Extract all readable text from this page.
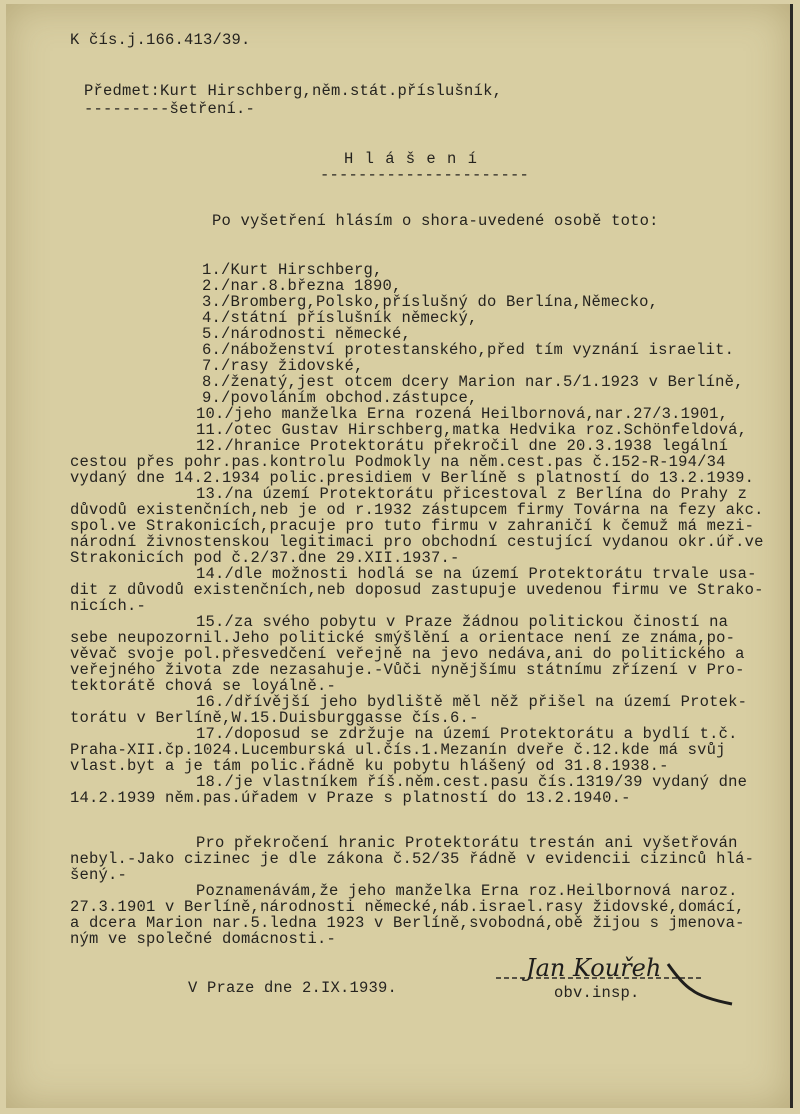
K čís.j.166.413/39.
Předmet:Kurt Hirschberg,něm.stát.příslušník,
---------šetření.-
H l á š e n í
----------------------
Po vyšetření hlásím o shora-uvedené osobě toto:
1./Kurt Hirschberg,
2./nar.8.března 1890,
3./Bromberg,Polsko,příslušný do Berlína,Německo,
4./státní příslušník německý,
5./národnosti německé,
6./náboženství protestanského,před tím vyznání israelit.
7./rasy židovské,
8./ženatý,jest otcem dcery Marion nar.5/1.1923 v Berlíně,
9./povoláním obchod.zástupce,
10./jeho manželka Erna rozená Heilbornová,nar.27/3.1901,
11./otec Gustav Hirschberg,matka Hedvika roz.Schönfeldová,
12./hranice Protektorátu překročil dne 20.3.1938 legální
cestou přes pohr.pas.kontrolu Podmokly na něm.cest.pas č.152-R-194/34
vydaný dne 14.2.1934 polic.presidiem v Berlíně s platností do 13.2.1939.
13./na území Protektorátu přicestoval z Berlína do Prahy z
důvodů existenčních,neb je od r.1932 zástupcem firmy Továrna na fezy akc.
spol.ve Strakonicích,pracuje pro tuto firmu v zahraničí k čemuž má mezi-
národní živnostenskou legitimaci pro obchodní cestující vydanou okr.úř.ve
Strakonicích pod č.2/37.dne 29.XII.1937.-
14./dle možnosti hodlá se na území Protektorátu trvale usa-
dit z důvodů existenčních,neb doposud zastupuje uvedenou firmu ve Strako-
nicích.-
15./za svého pobytu v Praze žádnou politickou čiností na
sebe neupozornil.Jeho politické smýšlění a orientace není ze známa,po-
věvač svoje pol.přesvedčení veřejně na jevo nedáva,ani do politického a
veřejného života zde nezasahuje.-Vůči nynějšímu státnímu zřízení v Pro-
tektorátě chová se loyálně.-
16./dřívější jeho bydliště měl něž přišel na území Protek-
torátu v Berlíně,W.15.Duisburggasse čís.6.-
17./doposud se zdržuje na území Protektorátu a bydlí t.č.
Praha-XII.čp.1024.Lucemburská ul.čís.1.Mezanín dveře č.12.kde má svůj
vlast.byt a je tám polic.řádně ku pobytu hlášený od 31.8.1938.-
18./je vlastníkem říš.něm.cest.pasu čís.1319/39 vydaný dne
14.2.1939 něm.pas.úřadem v Praze s platností do 13.2.1940.-
Pro překročení hranic Protektorátu trestán ani vyšetřován
nebyl.-Jako cizinec je dle zákona č.52/35 řádně v evidencii cizinců hlá-
šený.-
Poznamenávám,že jeho manželka Erna roz.Heilbornová naroz.
27.3.1901 v Berlíně,národnosti německé,náb.israel.rasy židovské,domácí,
a dcera Marion nar.5.ledna 1923 v Berlíně,svobodná,obě žijou s jmenova-
ným ve společné domácnosti.-
V Praze dne 2.IX.1939.
Jan Kouřeh
obv.insp.
